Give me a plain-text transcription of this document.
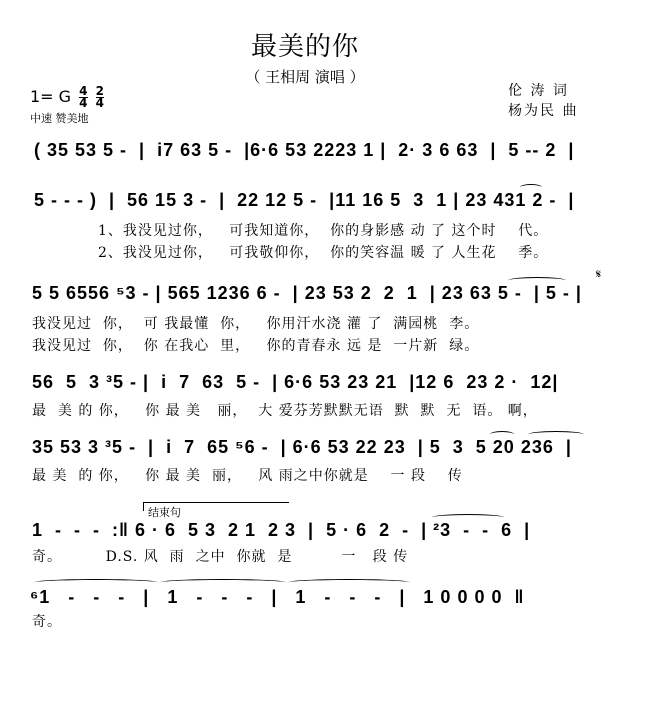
最美的你
（ 王相周 演唱 ）
1= G $\frac{4}{4}$
$\frac{2}{4}$
中速 赞美地
伦 涛 词
杨为民 曲
( 35 53 5 -  |  i7 63 5 -  |6·6 53 2223 1 |  2· 3 6 63  |  5 -- 2  |
5 - - - )  |  56 15 3 -  |  22 12 5 -  |11 16 5  3  1 | 23 431 2 -  |
1、我没见过你，   可我知道你，  你的身影感 动 了 这个时    代。
2、我没见过你，   可我敬仰你，  你的笑容温 暖 了 人生花    季。
5 5 6556 ⁵3 - | 565 1236 6 -  | 23 53 2  2  1  | 23 63 5 -  | 5 - |
我没见过  你，  可 我最懂  你，   你用汗水浇 灌 了  满园桃  李。
我没见过  你，  你 在我心  里，   你的青春永 远 是  一片新  绿。
𝄋
56  5  3 ³5 - |  i  7  63  5 -  | 6·6 53 23 21  |12 6  23 2 ·  12|
最  美 的 你，   你 最 美   丽，  大 爱芬芳默默无语  默  默  无  语。 啊，
35 53 3 ³5 -  |  i  7  65 ⁵6 -  | 6·6 53 22 23  | 5  3  5 20 236  |
最 美  的 你，   你 最 美  丽，   风 雨之中你就是    一 段    传
结束句
1  -  -  -  :‖ 6 · 6  5 3  2 1  2 3  |  5 · 6  2  -  | ²3  -  -  6  |
奇。        D.S. 风  雨  之中  你就  是         一   段 传
⁶1   -   -   -   |   1   -   -   -   |   1   -   -   -   |   1 0 0 0 0  ‖
奇。
